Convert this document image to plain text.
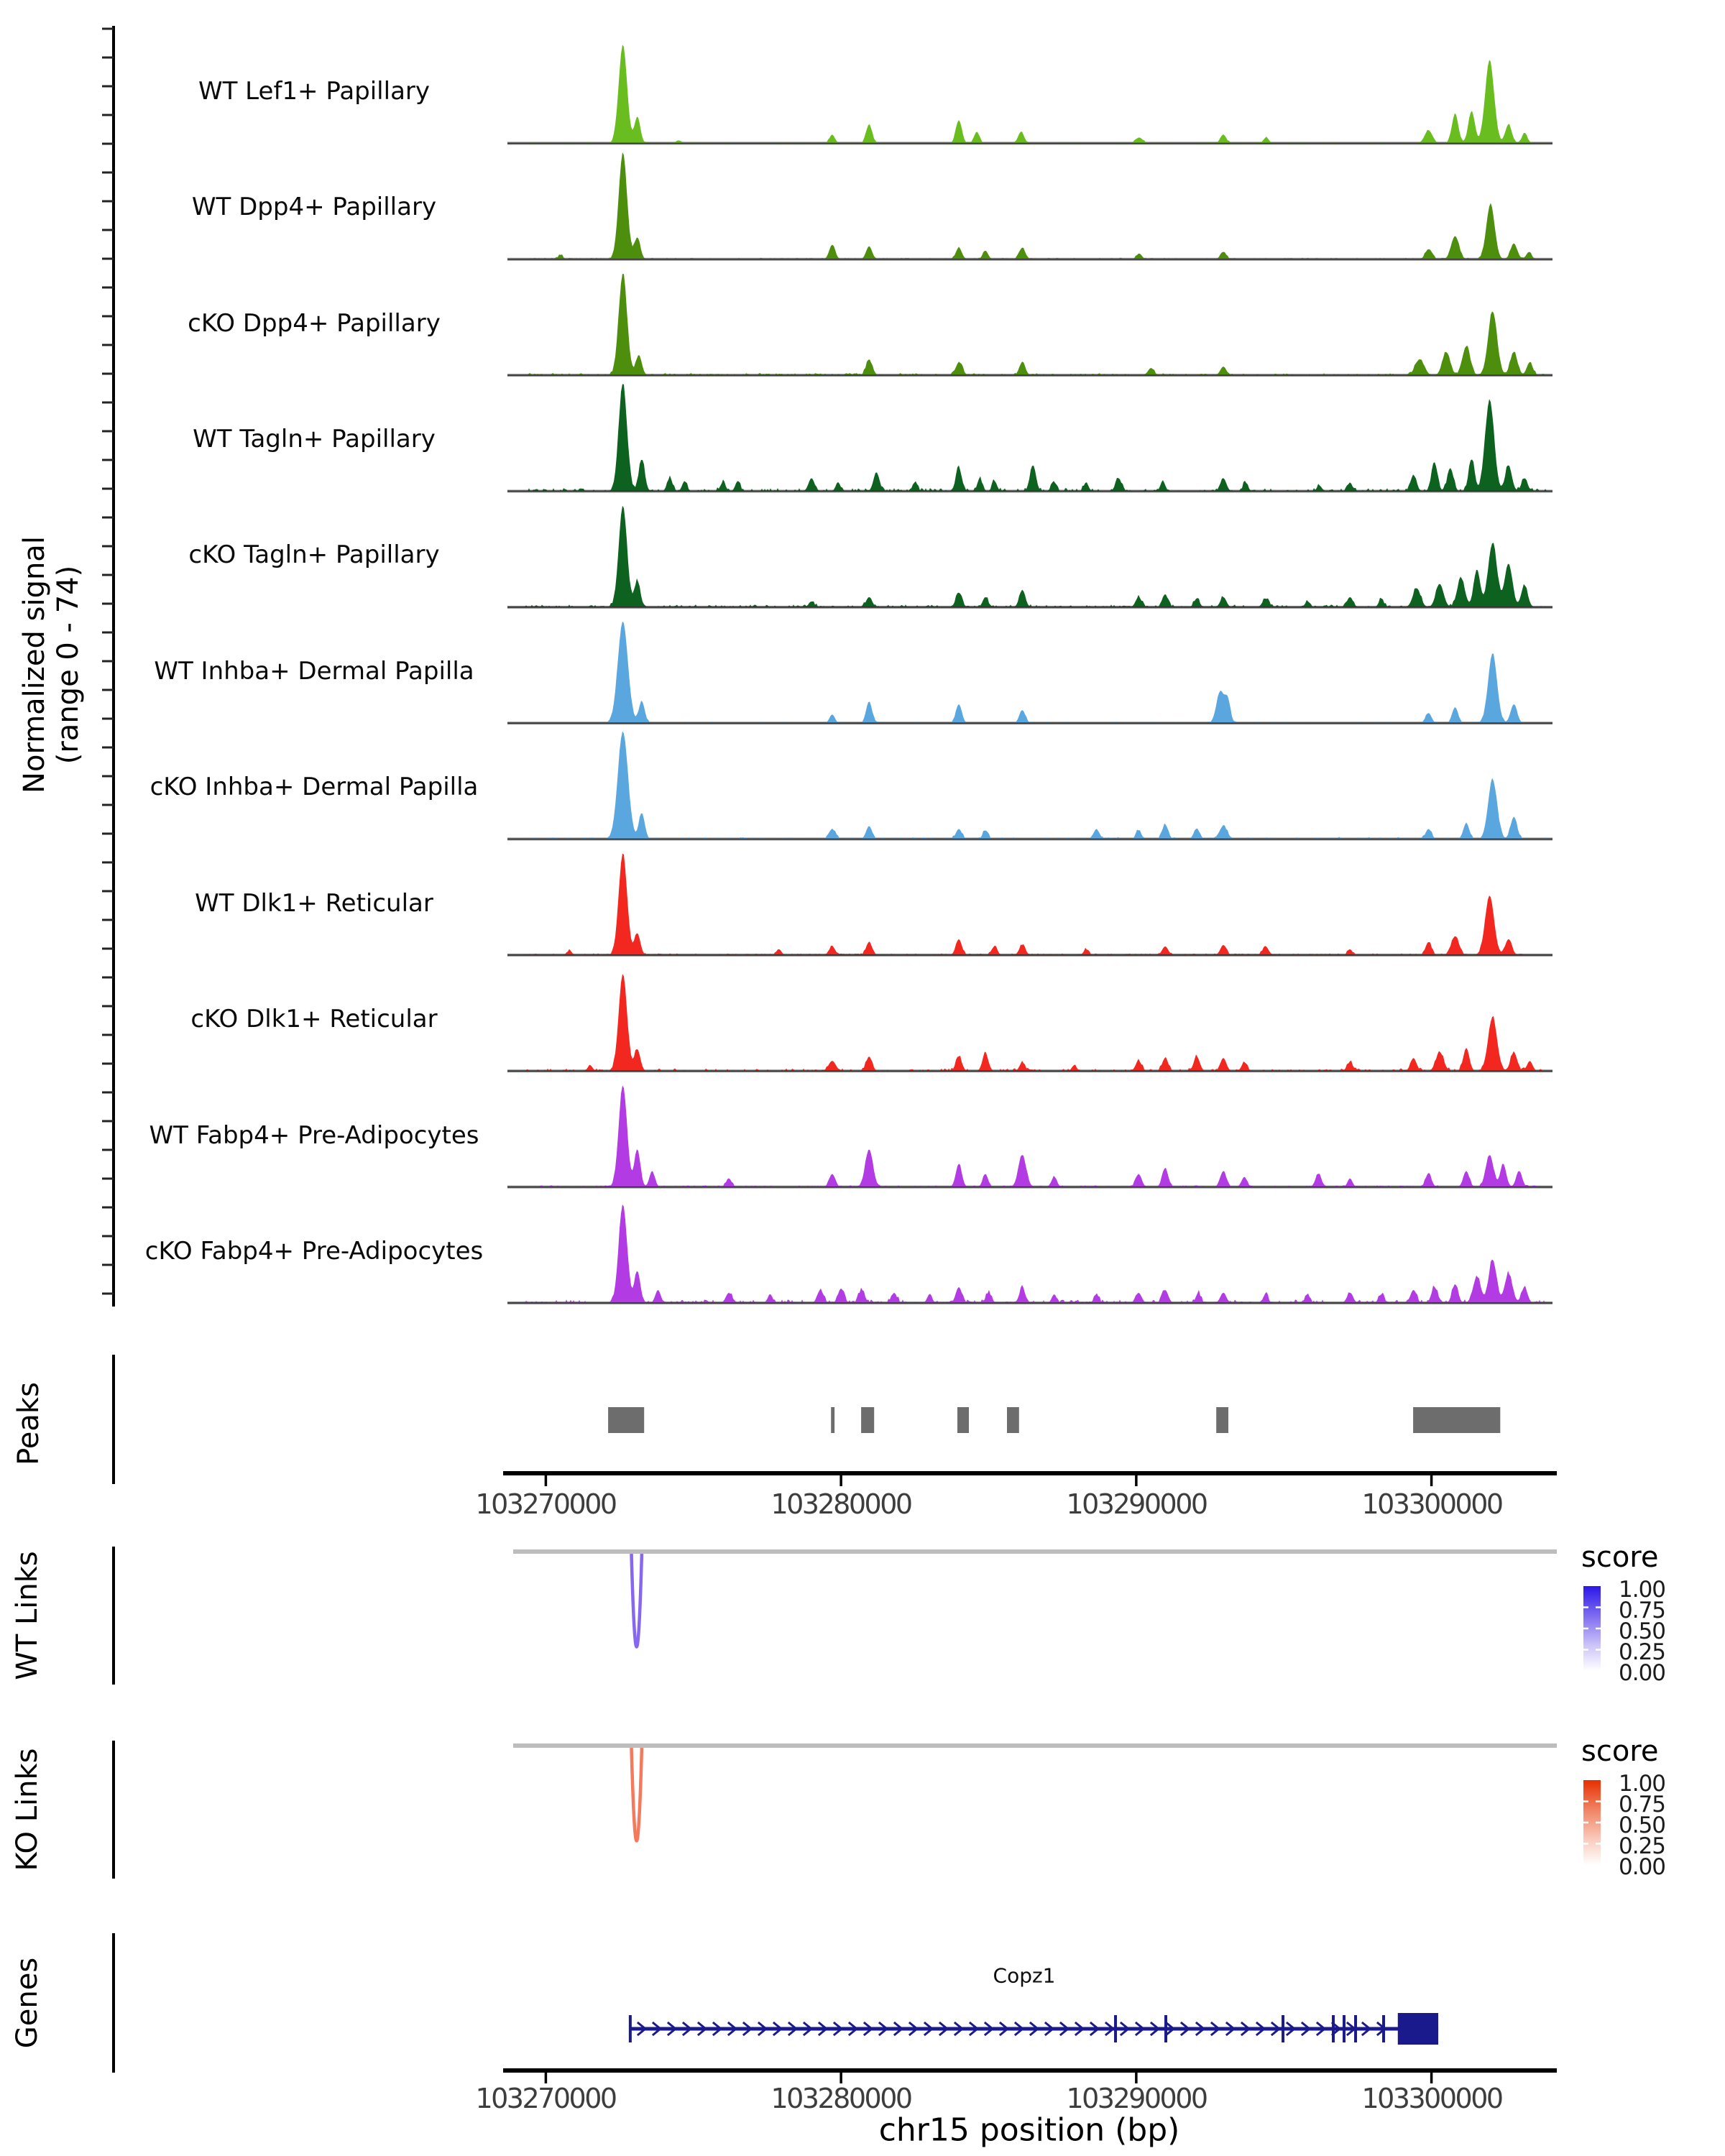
Normalized signal (range 0 - 74)
WT Lef1+ Papillary
WT Dpp4+ Papillary
cKO Dpp4+ Papillary
WT Tagln+ Papillary
cKO Tagln+ Papillary
WT Inhba+ Dermal Papilla
cKO Inhba+ Dermal Papilla
WT Dlk1+ Reticular
cKO Dlk1+ Reticular
WT Fabp4+ Pre-Adipocytes
cKO Fabp4+ Pre-Adipocytes
Peaks
WT Links
KO Links
Genes
103270000	103280000	103290000	103300000
103270000	103280000	103290000	103300000
score
1.00
0.75
0.50
0.25
0.00
score
1.00
0.75
0.50
0.25
0.00
Copz1
chr15 position (bp)
